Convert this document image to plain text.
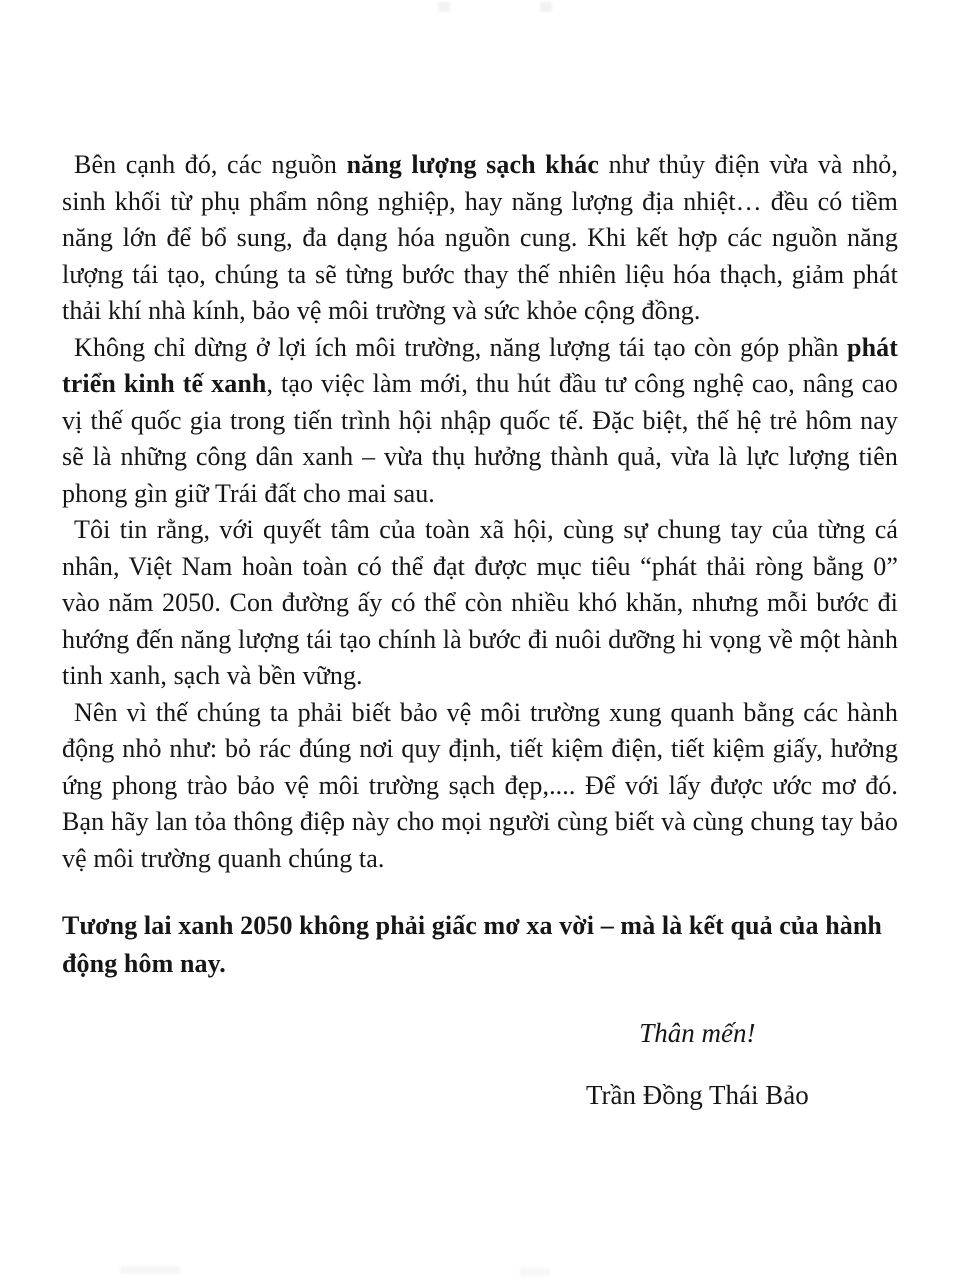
Bên cạnh đó, các nguồn năng lượng sạch khác như thủy điện vừa và nhỏ, sinh khối từ phụ phẩm nông nghiệp, hay năng lượng địa nhiệt… đều có tiềm năng lớn để bổ sung, đa dạng hóa nguồn cung. Khi kết hợp các nguồn năng lượng tái tạo, chúng ta sẽ từng bước thay thế nhiên liệu hóa thạch, giảm phát thải khí nhà kính, bảo vệ môi trường và sức khỏe cộng đồng.

Không chỉ dừng ở lợi ích môi trường, năng lượng tái tạo còn góp phần phát triển kinh tế xanh, tạo việc làm mới, thu hút đầu tư công nghệ cao, nâng cao vị thế quốc gia trong tiến trình hội nhập quốc tế. Đặc biệt, thế hệ trẻ hôm nay sẽ là những công dân xanh – vừa thụ hưởng thành quả, vừa là lực lượng tiên phong gìn giữ Trái đất cho mai sau.

Tôi tin rằng, với quyết tâm của toàn xã hội, cùng sự chung tay của từng cá nhân, Việt Nam hoàn toàn có thể đạt được mục tiêu “phát thải ròng bằng 0” vào năm 2050. Con đường ấy có thể còn nhiều khó khăn, nhưng mỗi bước đi hướng đến năng lượng tái tạo chính là bước đi nuôi dưỡng hi vọng về một hành tinh xanh, sạch và bền vững.

Nên vì thế chúng ta phải biết bảo vệ môi trường xung quanh bằng các hành động nhỏ như: bỏ rác đúng nơi quy định, tiết kiệm điện, tiết kiệm giấy, hưởng ứng phong trào bảo vệ môi trường sạch đẹp,.... Để với lấy được ước mơ đó. Bạn hãy lan tỏa thông điệp này cho mọi người cùng biết và cùng chung tay bảo vệ môi trường quanh chúng ta.

Tương lai xanh 2050 không phải giấc mơ xa vời – mà là kết quả của hành động hôm nay.

Thân mến!

Trần Đồng Thái Bảo
